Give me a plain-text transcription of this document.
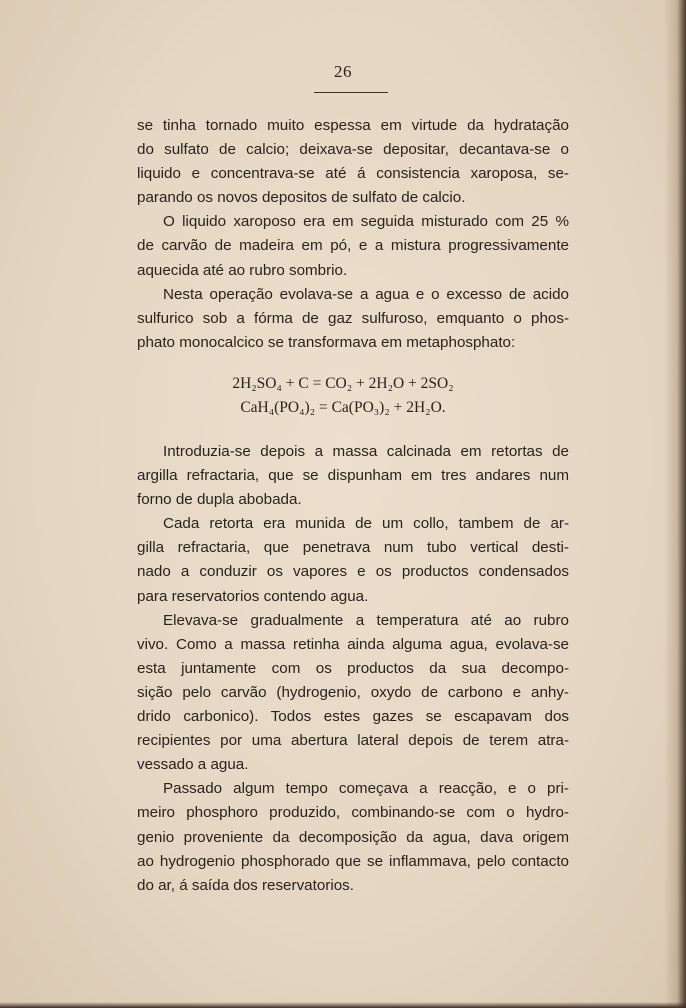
26

se tinha tornado muito espessa em virtude da hydratação
do sulfato de calcio; deixava-se depositar, decantava-se o
liquido e concentrava-se até á consistencia xaroposa, se-
parando os novos depositos de sulfato de calcio.

O liquido xaroposo era em seguida misturado com 25 %
de carvão de madeira em pó, e a mistura progressivamente
aquecida até ao rubro sombrio.

Nesta operação evolava-se a agua e o excesso de acido
sulfurico sob a fórma de gaz sulfuroso, emquanto o phos-
phato monocalcico se transformava em metaphosphato:

2H₂SO₄ + C = CO₂ + 2H₂O + 2SO₂
CaH₄(PO₄)₂ = Ca(PO₃)₂ + 2H₂O.

Introduzia-se depois a massa calcinada em retortas de
argilla refractaria, que se dispunham em tres andares num
forno de dupla abobada.

Cada retorta era munida de um collo, tambem de ar-
gilla refractaria, que penetrava num tubo vertical desti-
nado a conduzir os vapores e os productos condensados
para reservatorios contendo agua.

Elevava-se gradualmente a temperatura até ao rubro
vivo. Como a massa retinha ainda alguma agua, evolava-se
esta juntamente com os productos da sua decompo-
sição pelo carvão (hydrogenio, oxydo de carbono e anhy-
drido carbonico). Todos estes gazes se escapavam dos
recipientes por uma abertura lateral depois de terem atra-
vessado a agua.

Passado algum tempo começava a reacção, e o pri-
meiro phosphoro produzido, combinando-se com o hydro-
genio proveniente da decomposição da agua, dava origem
ao hydrogenio phosphorado que se inflammava, pelo contacto
do ar, á saída dos reservatorios.
